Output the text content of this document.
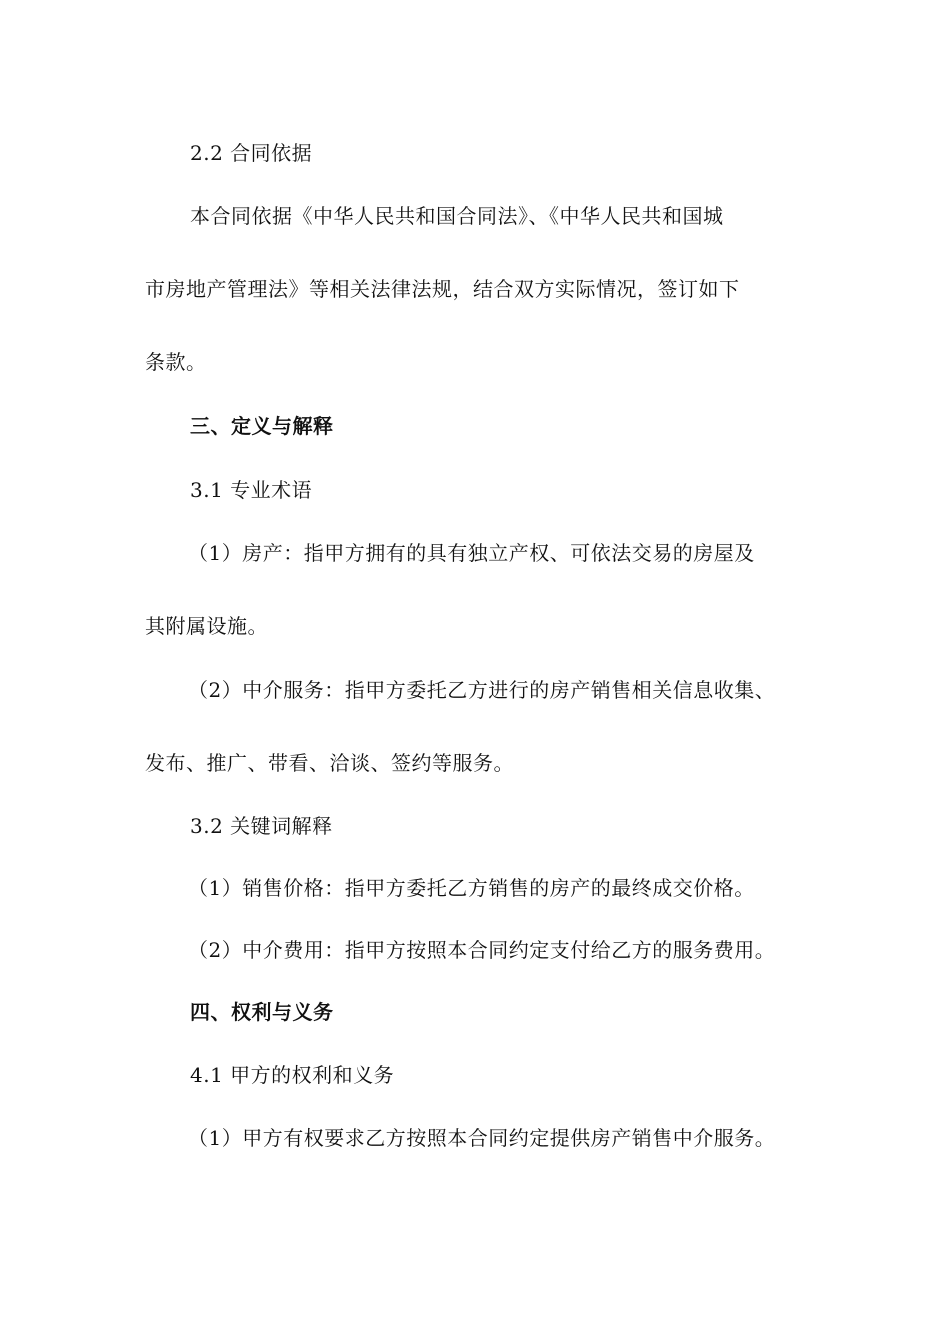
2.2 合同依据
本合同依据《中华人民共和国合同法》、《中华人民共和国城
市房地产管理法》等相关法律法规，结合双方实际情况，签订如下
条款。
三、定义与解释
3.1 专业术语
（1）房产：指甲方拥有的具有独立产权、可依法交易的房屋及
其附属设施。
（2）中介服务：指甲方委托乙方进行的房产销售相关信息收集、
发布、推广、带看、洽谈、签约等服务。
3.2 关键词解释
（1）销售价格：指甲方委托乙方销售的房产的最终成交价格。
（2）中介费用：指甲方按照本合同约定支付给乙方的服务费用。
四、权利与义务
4.1 甲方的权利和义务
（1）甲方有权要求乙方按照本合同约定提供房产销售中介服务。
